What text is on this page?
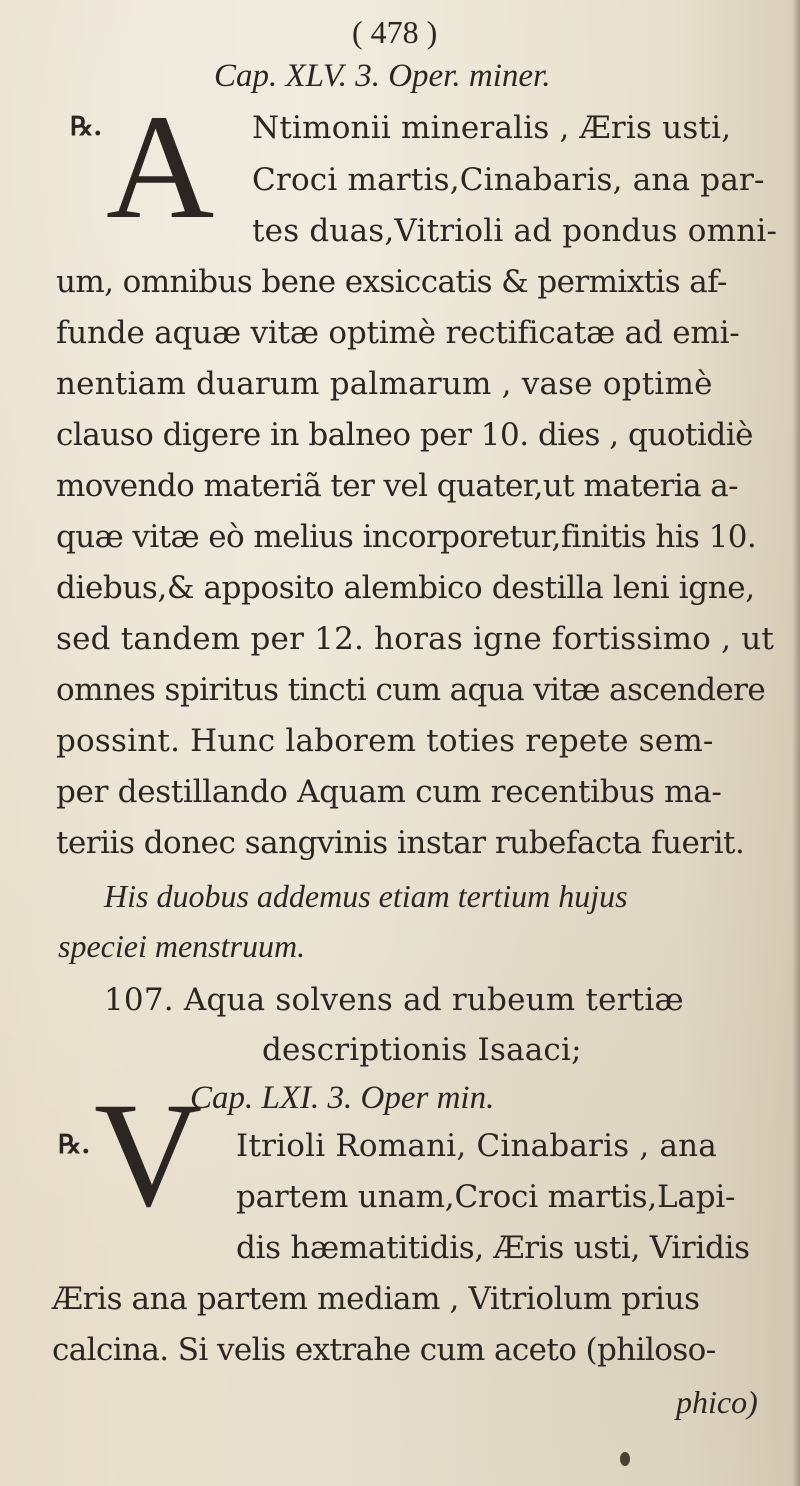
( 478 )
Cap. XLV. 3. Oper. miner.
℞. A Ntimonii mineralis , Æris usti,
Croci martis,Cinabaris, ana par-
tes duas,Vitrioli ad pondus omni-
um, omnibus bene exsiccatis & permixtis af-
funde aquæ vitæ optimè rectificatæ ad emi-
nentiam duarum palmarum , vase optimè
clauso digere in balneo per 10. dies , quotidiè
movendo materiã ter vel quater,ut materia a-
quæ vitæ eò melius incorporetur,finitis his 10.
diebus,& apposito alembico destilla leni igne,
sed tandem per 12. horas igne fortissimo , ut
omnes spiritus tincti cum aqua vitæ ascendere
possint. Hunc laborem toties repete sem-
per destillando Aquam cum recentibus ma-
teriis donec sangvinis instar rubefacta fuerit.
His duobus addemus etiam tertium hujus
speciei menstruum.
107. Aqua solvens ad rubeum tertiæ
descriptionis Isaaci;
Cap. LXI. 3. Oper min.
℞. V Itrioli Romani, Cinabaris , ana
partem unam,Croci martis,Lapi-
dis hæmatitidis, Æris usti, Viridis
Æris ana partem mediam , Vitriolum prius
calcina. Si velis extrahe cum aceto (philoso-
phico)
